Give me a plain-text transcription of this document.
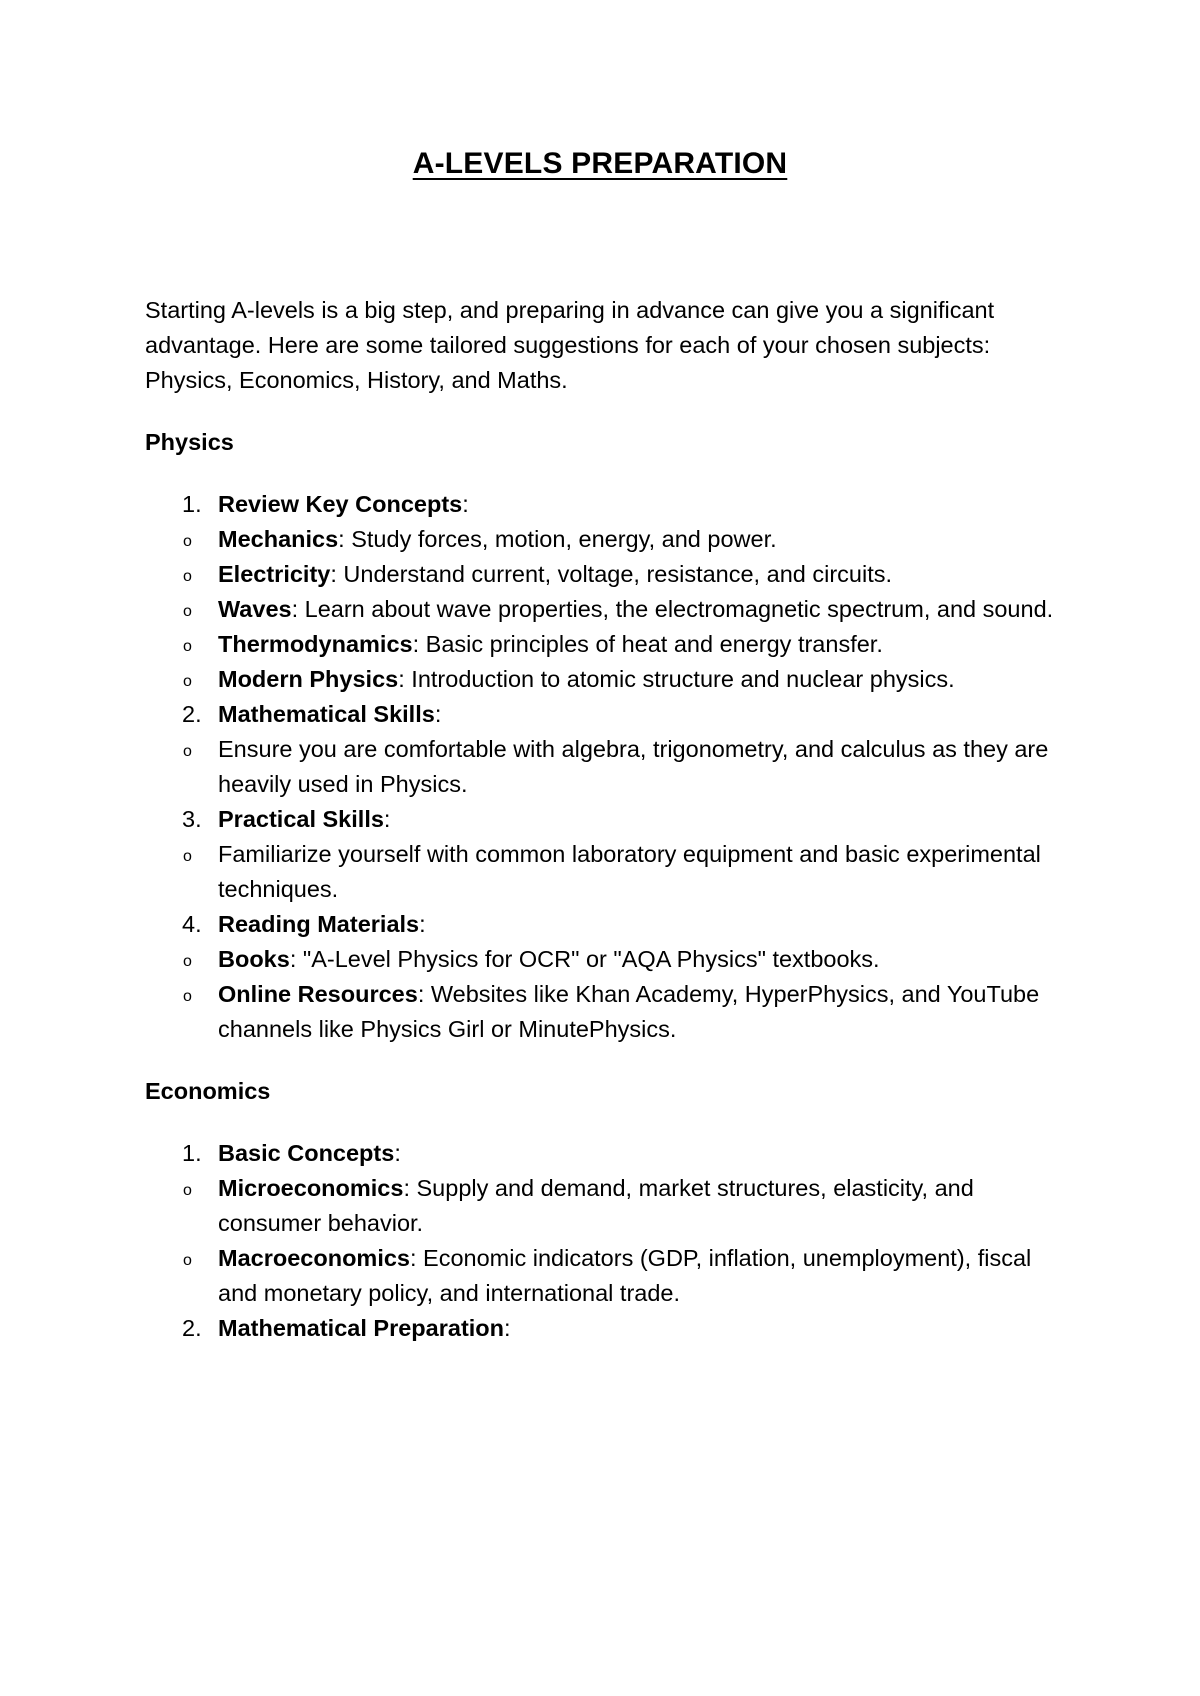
A-LEVELS PREPARATION

Starting A-levels is a big step, and preparing in advance can give you a significant advantage. Here are some tailored suggestions for each of your chosen subjects: Physics, Economics, History, and Maths.

Physics
1. Review Key Concepts:
o Mechanics: Study forces, motion, energy, and power.
o Electricity: Understand current, voltage, resistance, and circuits.
o Waves: Learn about wave properties, the electromagnetic spectrum, and sound.
o Thermodynamics: Basic principles of heat and energy transfer.
o Modern Physics: Introduction to atomic structure and nuclear physics.
2. Mathematical Skills:
o Ensure you are comfortable with algebra, trigonometry, and calculus as they are heavily used in Physics.
3. Practical Skills:
o Familiarize yourself with common laboratory equipment and basic experimental techniques.
4. Reading Materials:
o Books: "A-Level Physics for OCR" or "AQA Physics" textbooks.
o Online Resources: Websites like Khan Academy, HyperPhysics, and YouTube channels like Physics Girl or MinutePhysics.
Economics
1. Basic Concepts:
o Microeconomics: Supply and demand, market structures, elasticity, and consumer behavior.
o Macroeconomics: Economic indicators (GDP, inflation, unemployment), fiscal and monetary policy, and international trade.
2. Mathematical Preparation:
